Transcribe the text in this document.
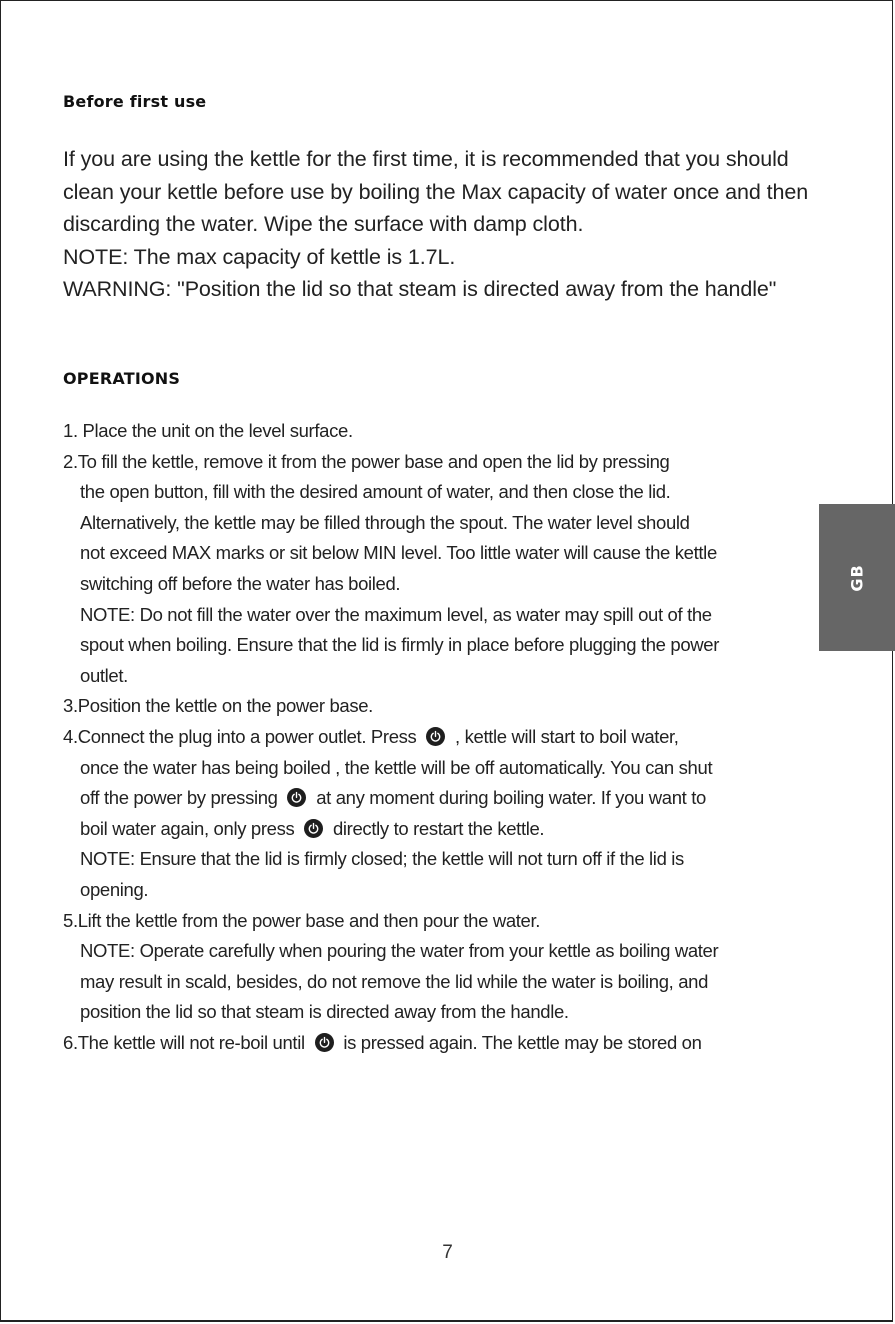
Before first use

If you are using the kettle for the first time, it is recommended that you should

clean your kettle before use by boiling the Max capacity of water once and then

discarding the water. Wipe the surface with damp cloth.

NOTE: The max capacity of kettle is 1.7L.

WARNING: "Position the lid so that steam is directed away from the handle"

OPERATIONS
1. Place the unit on the level surface.
2.To fill the kettle, remove it from the power base and open the lid by pressing
the open button, fill with the desired amount of water, and then close the lid.
Alternatively, the kettle may be filled through the spout. The water level should
not exceed MAX marks or sit below MIN level. Too little water will cause the kettle
switching off before the water has boiled.
NOTE: Do not fill the water over the maximum level, as water may spill out of the
spout when boiling. Ensure that the lid is firmly in place before plugging the power
outlet.
3.Position the kettle on the power base.
4.Connect the plug into a power outlet. Press , kettle will start to boil water,
once the water has being boiled , the kettle will be off automatically. You can shut
off the power by pressing at any moment during boiling water. If you want to
boil water again, only press directly to restart the kettle.
NOTE: Ensure that the lid is firmly closed; the kettle will not turn off if the lid is
opening.
5.Lift the kettle from the power base and then pour the water.
NOTE: Operate carefully when pouring the water from your kettle as boiling water
may result in scald, besides, do not remove the lid while the water is boiling, and
position the lid so that steam is directed away from the handle.
6.The kettle will not re-boil until is pressed again. The kettle may be stored on
GB
7
